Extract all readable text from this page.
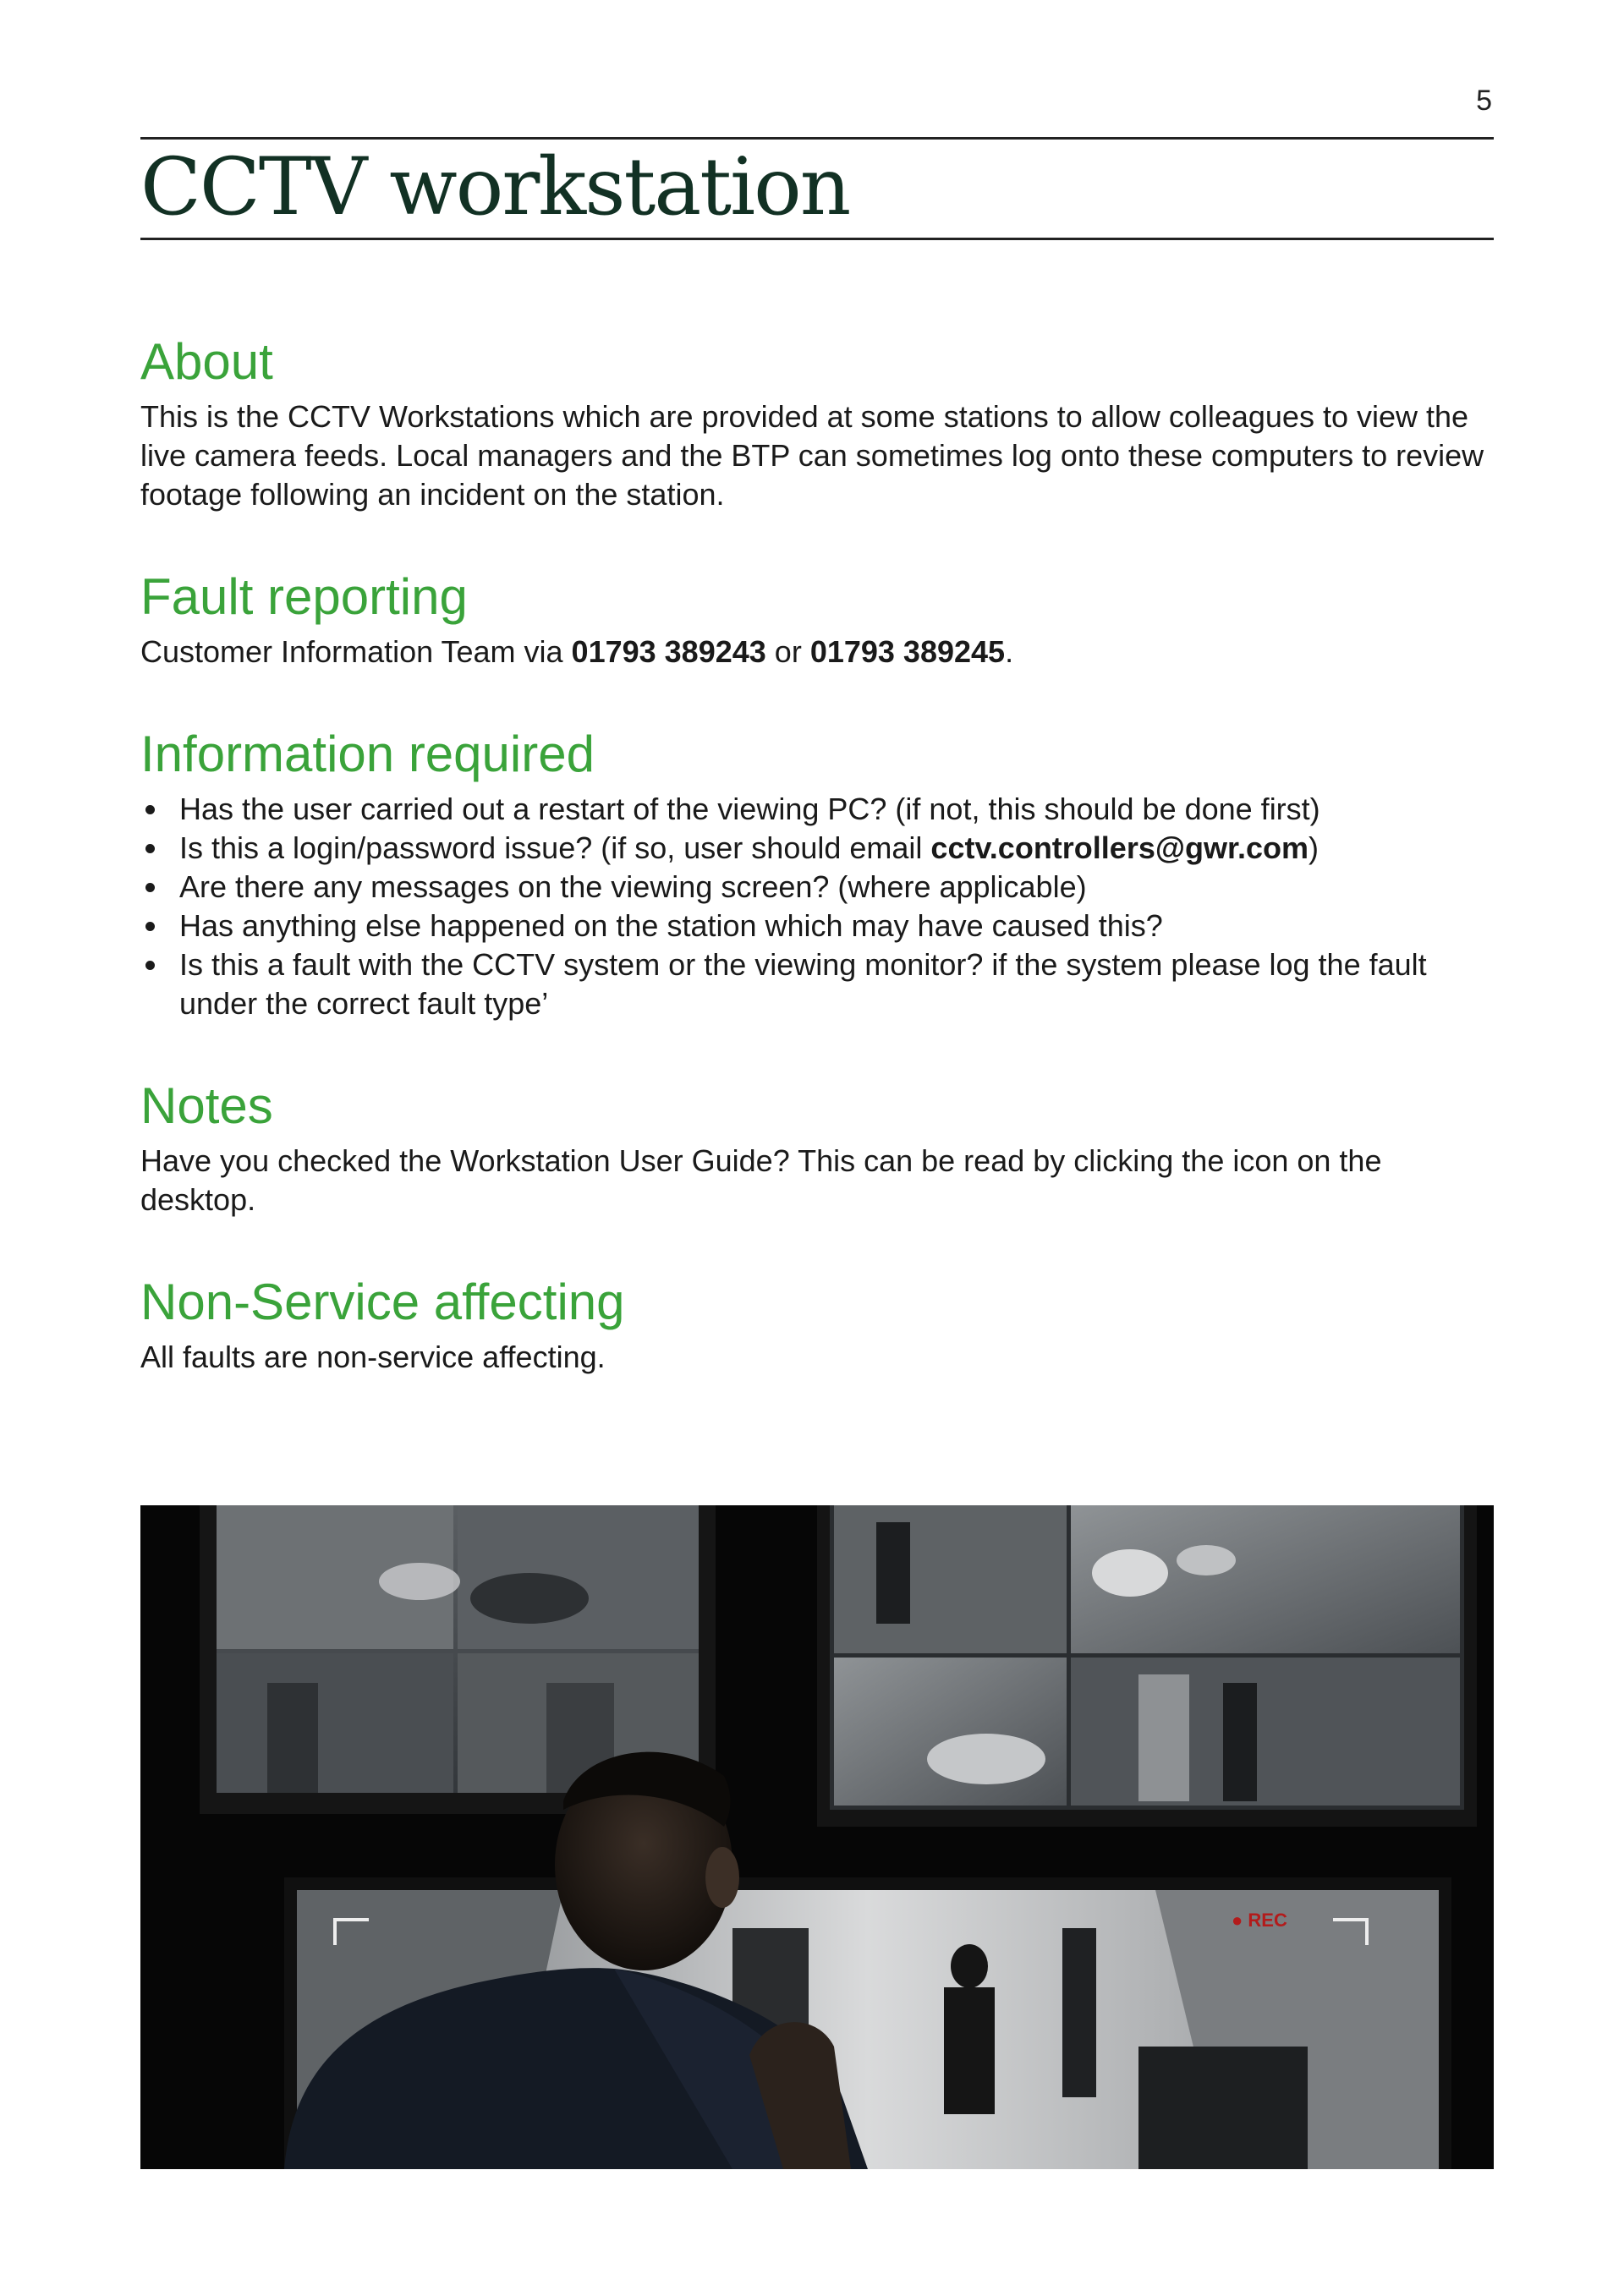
5
CCTV workstation
About

This is the CCTV Workstations which are provided at some stations to allow colleagues to view the live camera feeds. Local managers and the BTP can sometimes log onto these computers to review footage following an incident on the station.

Fault reporting

Customer Information Team via 01793 389243 or 01793 389245.

Information required
Has the user carried out a restart of the viewing PC? (if not, this should be done first)
Is this a login/password issue? (if so, user should email cctv.controllers@gwr.com)
Are there any messages on the viewing screen? (where applicable)
Has anything else happened on the station which may have caused this?
Is this a fault with the CCTV system or the viewing monitor? if the system please log the fault under the correct fault type’
Notes

Have you checked the Workstation User Guide? This can be read by clicking the icon on the desktop.

Non-Service affecting

All faults are non-service affecting.

● REC
